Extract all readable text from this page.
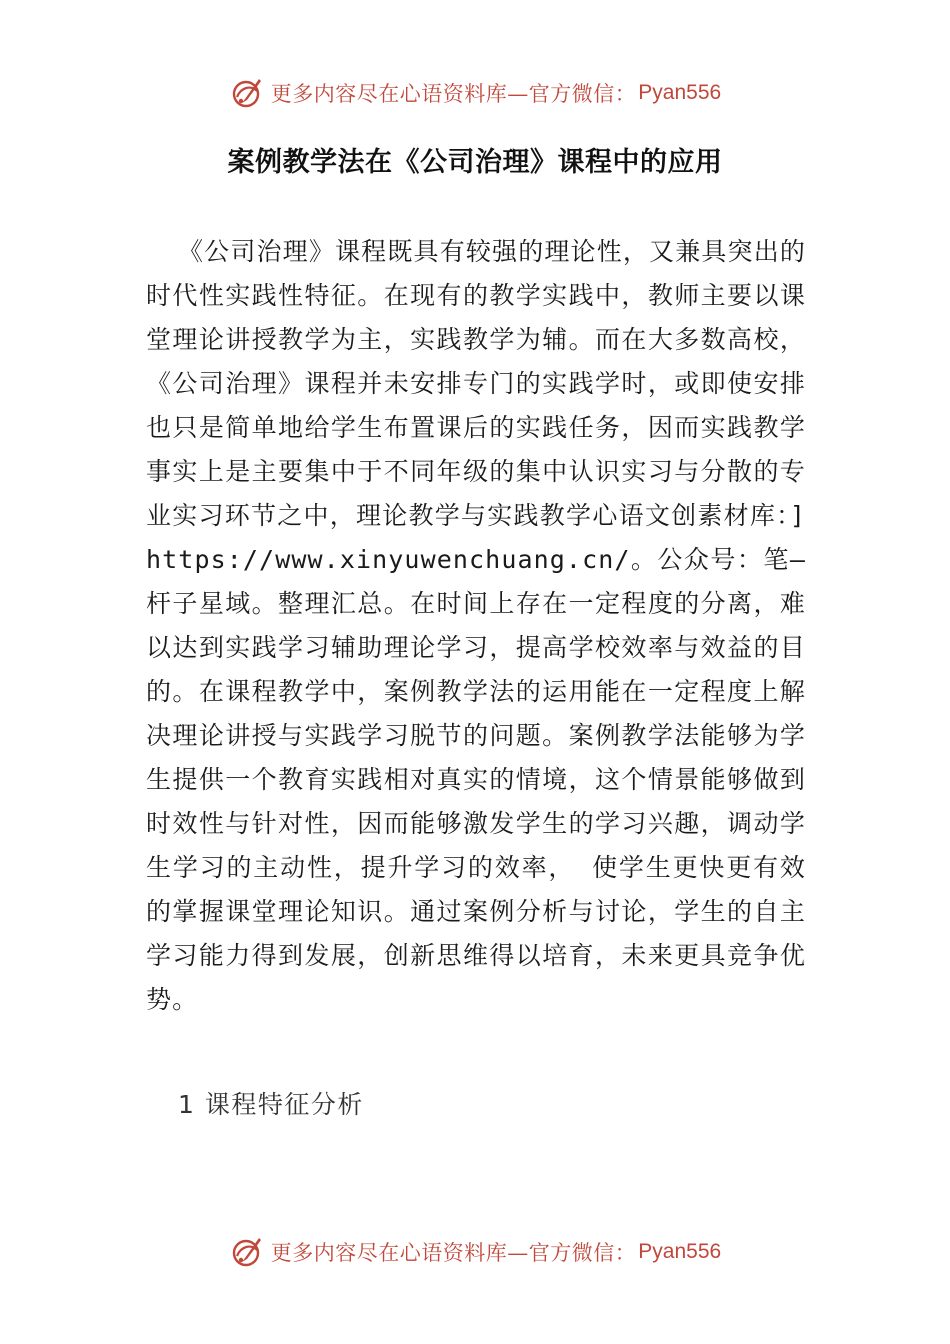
更多内容尽在心语资料库—官方微信： Pyan556
案例教学法在《公司治理》课程中的应用

《公司治理》课程既具有较强的理论性，又兼具突出的时代性实践性特征。在现有的教学实践中，教师主要以课堂理论讲授教学为主，实践教学为辅。而在大多数高校，《公司治理》课程并未安排专门的实践学时，或即使安排也只是简单地给学生布置课后的实践任务，因而实践教学事实上是主要集中于不同年级的集中认识实习与分散的专业实习环节之中，理论教学与实践教学心语文创素材库：]https://www.xinyuwenchuang.cn/。公众号：笔—杆子星域。整理汇总。在时间上存在一定程度的分离，难以达到实践学习辅助理论学习，提高学校效率与效益的目的。在课程教学中，案例教学法的运用能在一定程度上解决理论讲授与实践学习脱节的问题。案例教学法能够为学生提供一个教育实践相对真实的情境，这个情景能够做到时效性与针对性，因而能够激发学生的学习兴趣，调动学生学习的主动性，提升学习的效率， 使学生更快更有效的掌握课堂理论知识。通过案例分析与讨论，学生的自主学习能力得到发展，创新思维得以培育，未来更具竞争优势。

1 课程特征分析

更多内容尽在心语资料库—官方微信： Pyan556
